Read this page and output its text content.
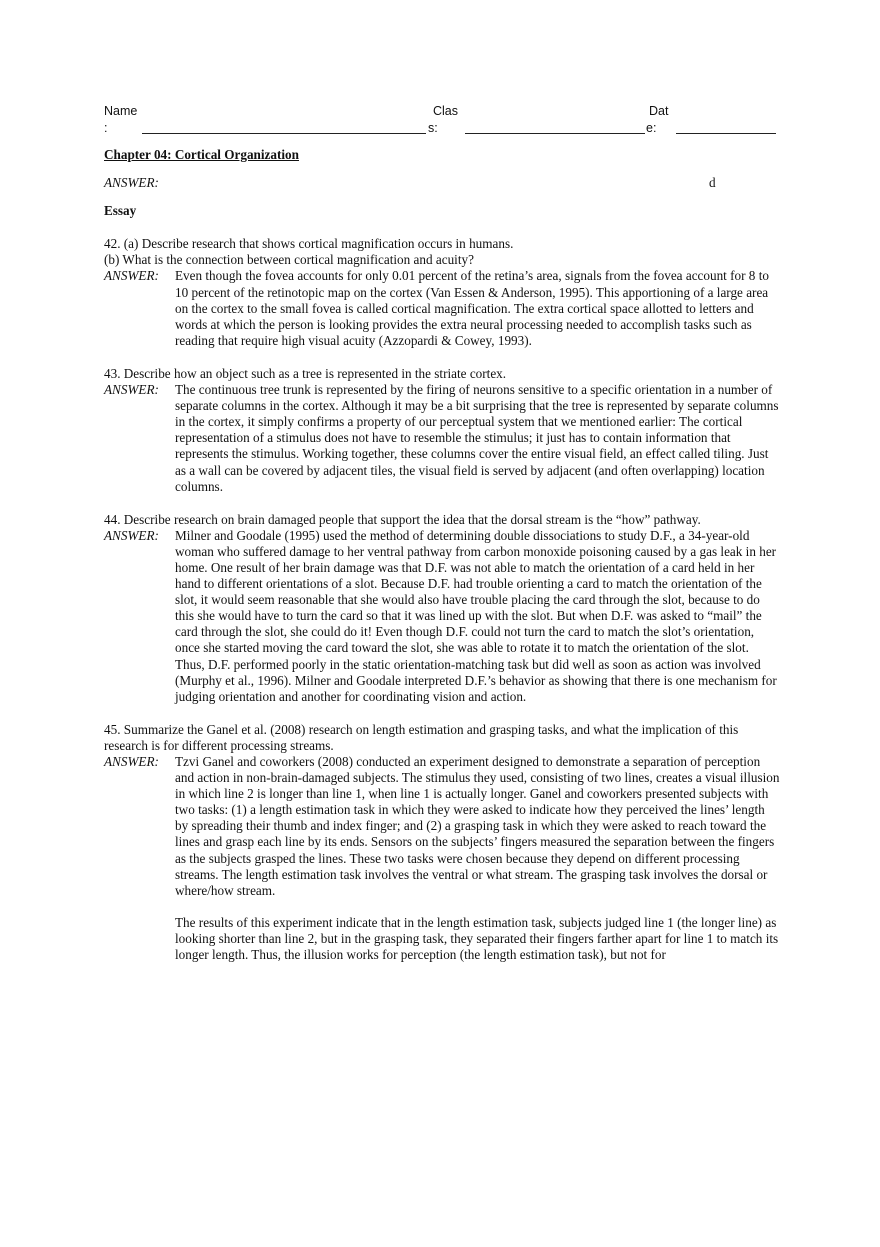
Name
:
Clas
s:
Dat
e:
Chapter 04: Cortical Organization
ANSWER:	d
Essay
42. (a) Describe research that shows cortical magnification occurs in humans.
(b) What is the connection between cortical magnification and acuity?
ANSWER:	Even though the fovea accounts for only 0.01 percent of the retina’s area, signals from the fovea account for 8 to 10 percent of the retinotopic map on the cortex (Van Essen & Anderson, 1995). This apportioning of a large area on the cortex to the small fovea is called cortical magnification. The extra cortical space allotted to letters and words at which the person is looking provides the extra neural processing needed to accomplish tasks such as reading that require high visual acuity (Azzopardi & Cowey, 1993).
43. Describe how an object such as a tree is represented in the striate cortex.
ANSWER:	The continuous tree trunk is represented by the firing of neurons sensitive to a specific orientation in a number of separate columns in the cortex. Although it may be a bit surprising that the tree is represented by separate columns in the cortex, it simply confirms a property of our perceptual system that we mentioned earlier: The cortical representation of a stimulus does not have to resemble the stimulus; it just has to contain information that represents the stimulus. Working together, these columns cover the entire visual field, an effect called tiling. Just as a wall can be covered by adjacent tiles, the visual field is served by adjacent (and often overlapping) location columns.
44. Describe research on brain damaged people that support the idea that the dorsal stream is the “how” pathway.
ANSWER:	Milner and Goodale (1995) used the method of determining double dissociations to study D.F., a 34-year-old woman who suffered damage to her ventral pathway from carbon monoxide poisoning caused by a gas leak in her home. One result of her brain damage was that D.F. was not able to match the orientation of a card held in her hand to different orientations of a slot. Because D.F. had trouble orienting a card to match the orientation of the slot, it would seem reasonable that she would also have trouble placing the card through the slot, because to do this she would have to turn the card so that it was lined up with the slot. But when D.F. was asked to “mail” the card through the slot, she could do it! Even though D.F. could not turn the card to match the slot’s orientation, once she started moving the card toward the slot, she was able to rotate it to match the orientation of the slot. Thus, D.F. performed poorly in the static orientation-matching task but did well as soon as action was involved (Murphy et al., 1996). Milner and Goodale interpreted D.F.’s behavior as showing that there is one mechanism for judging orientation and another for coordinating vision and action.
45. Summarize the Ganel et al. (2008) research on length estimation and grasping tasks, and what the implication of this research is for different processing streams.
ANSWER:	Tzvi Ganel and coworkers (2008) conducted an experiment designed to demonstrate a separation of perception and action in non-brain-damaged subjects. The stimulus they used, consisting of two lines, creates a visual illusion in which line 2 is longer than line 1, when line 1 is actually longer. Ganel and coworkers presented subjects with two tasks: (1) a length estimation task in which they were asked to indicate how they perceived the lines’ length by spreading their thumb and index finger; and (2) a grasping task in which they were asked to reach toward the lines and grasp each line by its ends. Sensors on the subjects’ fingers measured the separation between the fingers as the subjects grasped the lines. These two tasks were chosen because they depend on different processing streams. The length estimation task involves the ventral or what stream. The grasping task involves the dorsal or where/how stream.
The results of this experiment indicate that in the length estimation task, subjects judged line 1 (the longer line) as looking shorter than line 2, but in the grasping task, they separated their fingers farther apart for line 1 to match its longer length. Thus, the illusion works for perception (the length estimation task), but not for
